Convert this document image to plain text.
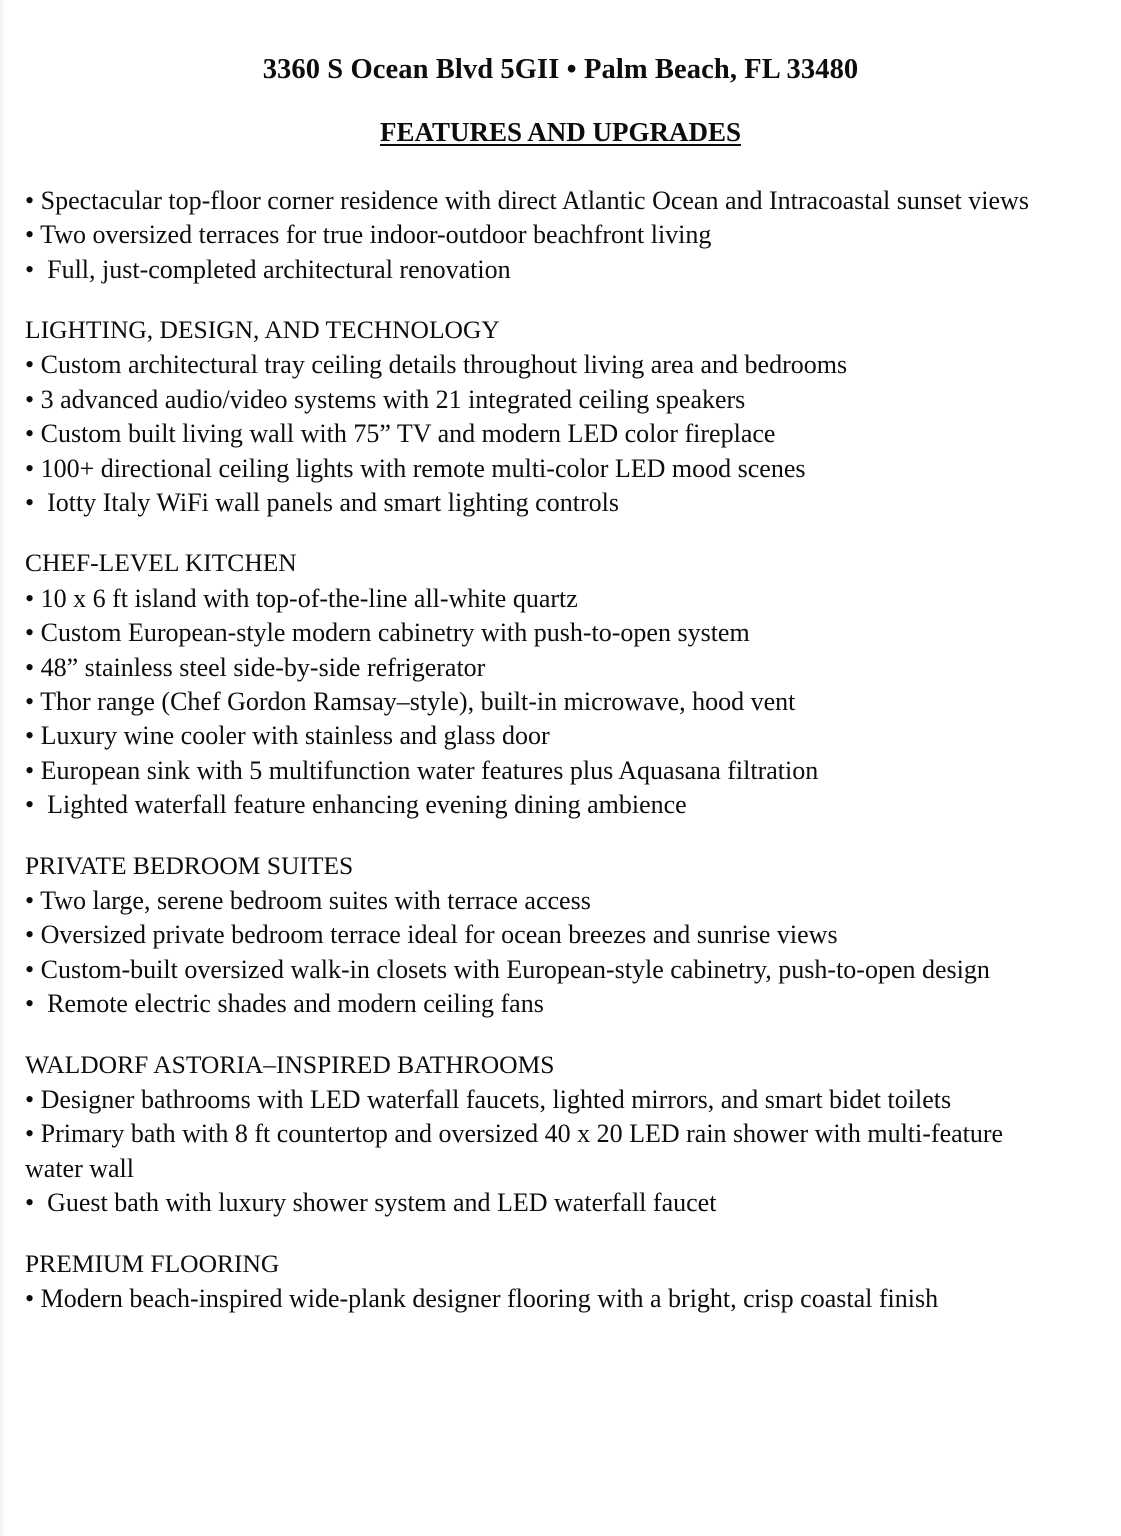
3360 S Ocean Blvd 5GII • Palm Beach, FL 33480
FEATURES AND UPGRADES
• Spectacular top-floor corner residence with direct Atlantic Ocean and Intracoastal sunset views
• Two oversized terraces for true indoor-outdoor beachfront living
•  Full, just-completed architectural renovation
LIGHTING, DESIGN, AND TECHNOLOGY
• Custom architectural tray ceiling details throughout living area and bedrooms
• 3 advanced audio/video systems with 21 integrated ceiling speakers
• Custom built living wall with 75” TV and modern LED color fireplace
• 100+ directional ceiling lights with remote multi-color LED mood scenes
•  Iotty Italy WiFi wall panels and smart lighting controls
CHEF-LEVEL KITCHEN
• 10 x 6 ft island with top-of-the-line all-white quartz
• Custom European-style modern cabinetry with push-to-open system
• 48” stainless steel side-by-side refrigerator
• Thor range (Chef Gordon Ramsay–style), built-in microwave, hood vent
• Luxury wine cooler with stainless and glass door
• European sink with 5 multifunction water features plus Aquasana filtration
•  Lighted waterfall feature enhancing evening dining ambience
PRIVATE BEDROOM SUITES
• Two large, serene bedroom suites with terrace access
• Oversized private bedroom terrace ideal for ocean breezes and sunrise views
• Custom-built oversized walk-in closets with European-style cabinetry, push-to-open design
•  Remote electric shades and modern ceiling fans
WALDORF ASTORIA–INSPIRED BATHROOMS
• Designer bathrooms with LED waterfall faucets, lighted mirrors, and smart bidet toilets
• Primary bath with 8 ft countertop and oversized 40 x 20 LED rain shower with multi-feature water wall
•  Guest bath with luxury shower system and LED waterfall faucet
PREMIUM FLOORING
• Modern beach-inspired wide-plank designer flooring with a bright, crisp coastal finish
